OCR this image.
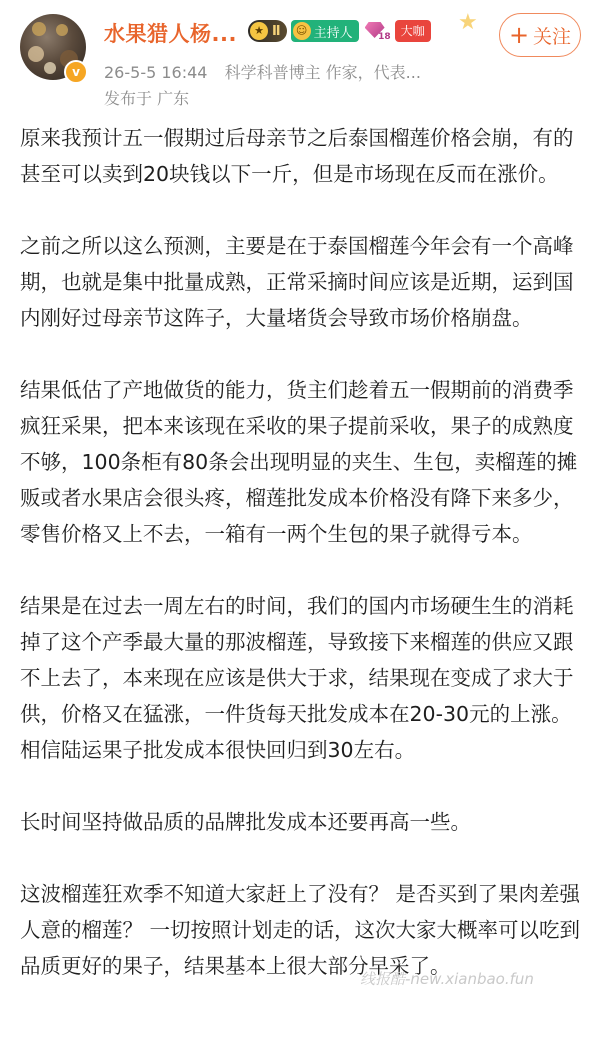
v
水果猎人杨...	★ Ⅱ ☺ 主持人	18 大咖 ★ + 关注
26-5-5 16:44 科学科普博主 作家，代表...
发布于 广东

原来我预计五一假期过后母亲节之后泰国榴莲价格会崩，有的甚至可以卖到20块钱以下一斤，但是市场现在反而在涨价。

之前之所以这么预测，主要是在于泰国榴莲今年会有一个高峰期，也就是集中批量成熟，正常采摘时间应该是近期，运到国内刚好过母亲节这阵子，大量堵货会导致市场价格崩盘。

结果低估了产地做货的能力，货主们趁着五一假期前的消费季疯狂采果，把本来该现在采收的果子提前采收，果子的成熟度不够，100条柜有80条会出现明显的夹生、生包，卖榴莲的摊贩或者水果店会很头疼，榴莲批发成本价格没有降下来多少，零售价格又上不去，一箱有一两个生包的果子就得亏本。

结果是在过去一周左右的时间，我们的国内市场硬生生的消耗掉了这个产季最大量的那波榴莲，导致接下来榴莲的供应又跟不上去了，本来现在应该是供大于求，结果现在变成了求大于供，价格又在猛涨，一件货每天批发成本在20-30元的上涨。相信陆运果子批发成本很快回归到30左右。

长时间坚持做品质的品牌批发成本还要再高一些。

这波榴莲狂欢季不知道大家赶上了没有？ 是否买到了果肉差强人意的榴莲？ 一切按照计划走的话，这次大家大概率可以吃到品质更好的果子，结果基本上很大部分早采了。

线报酷-new.xianbao.fun
